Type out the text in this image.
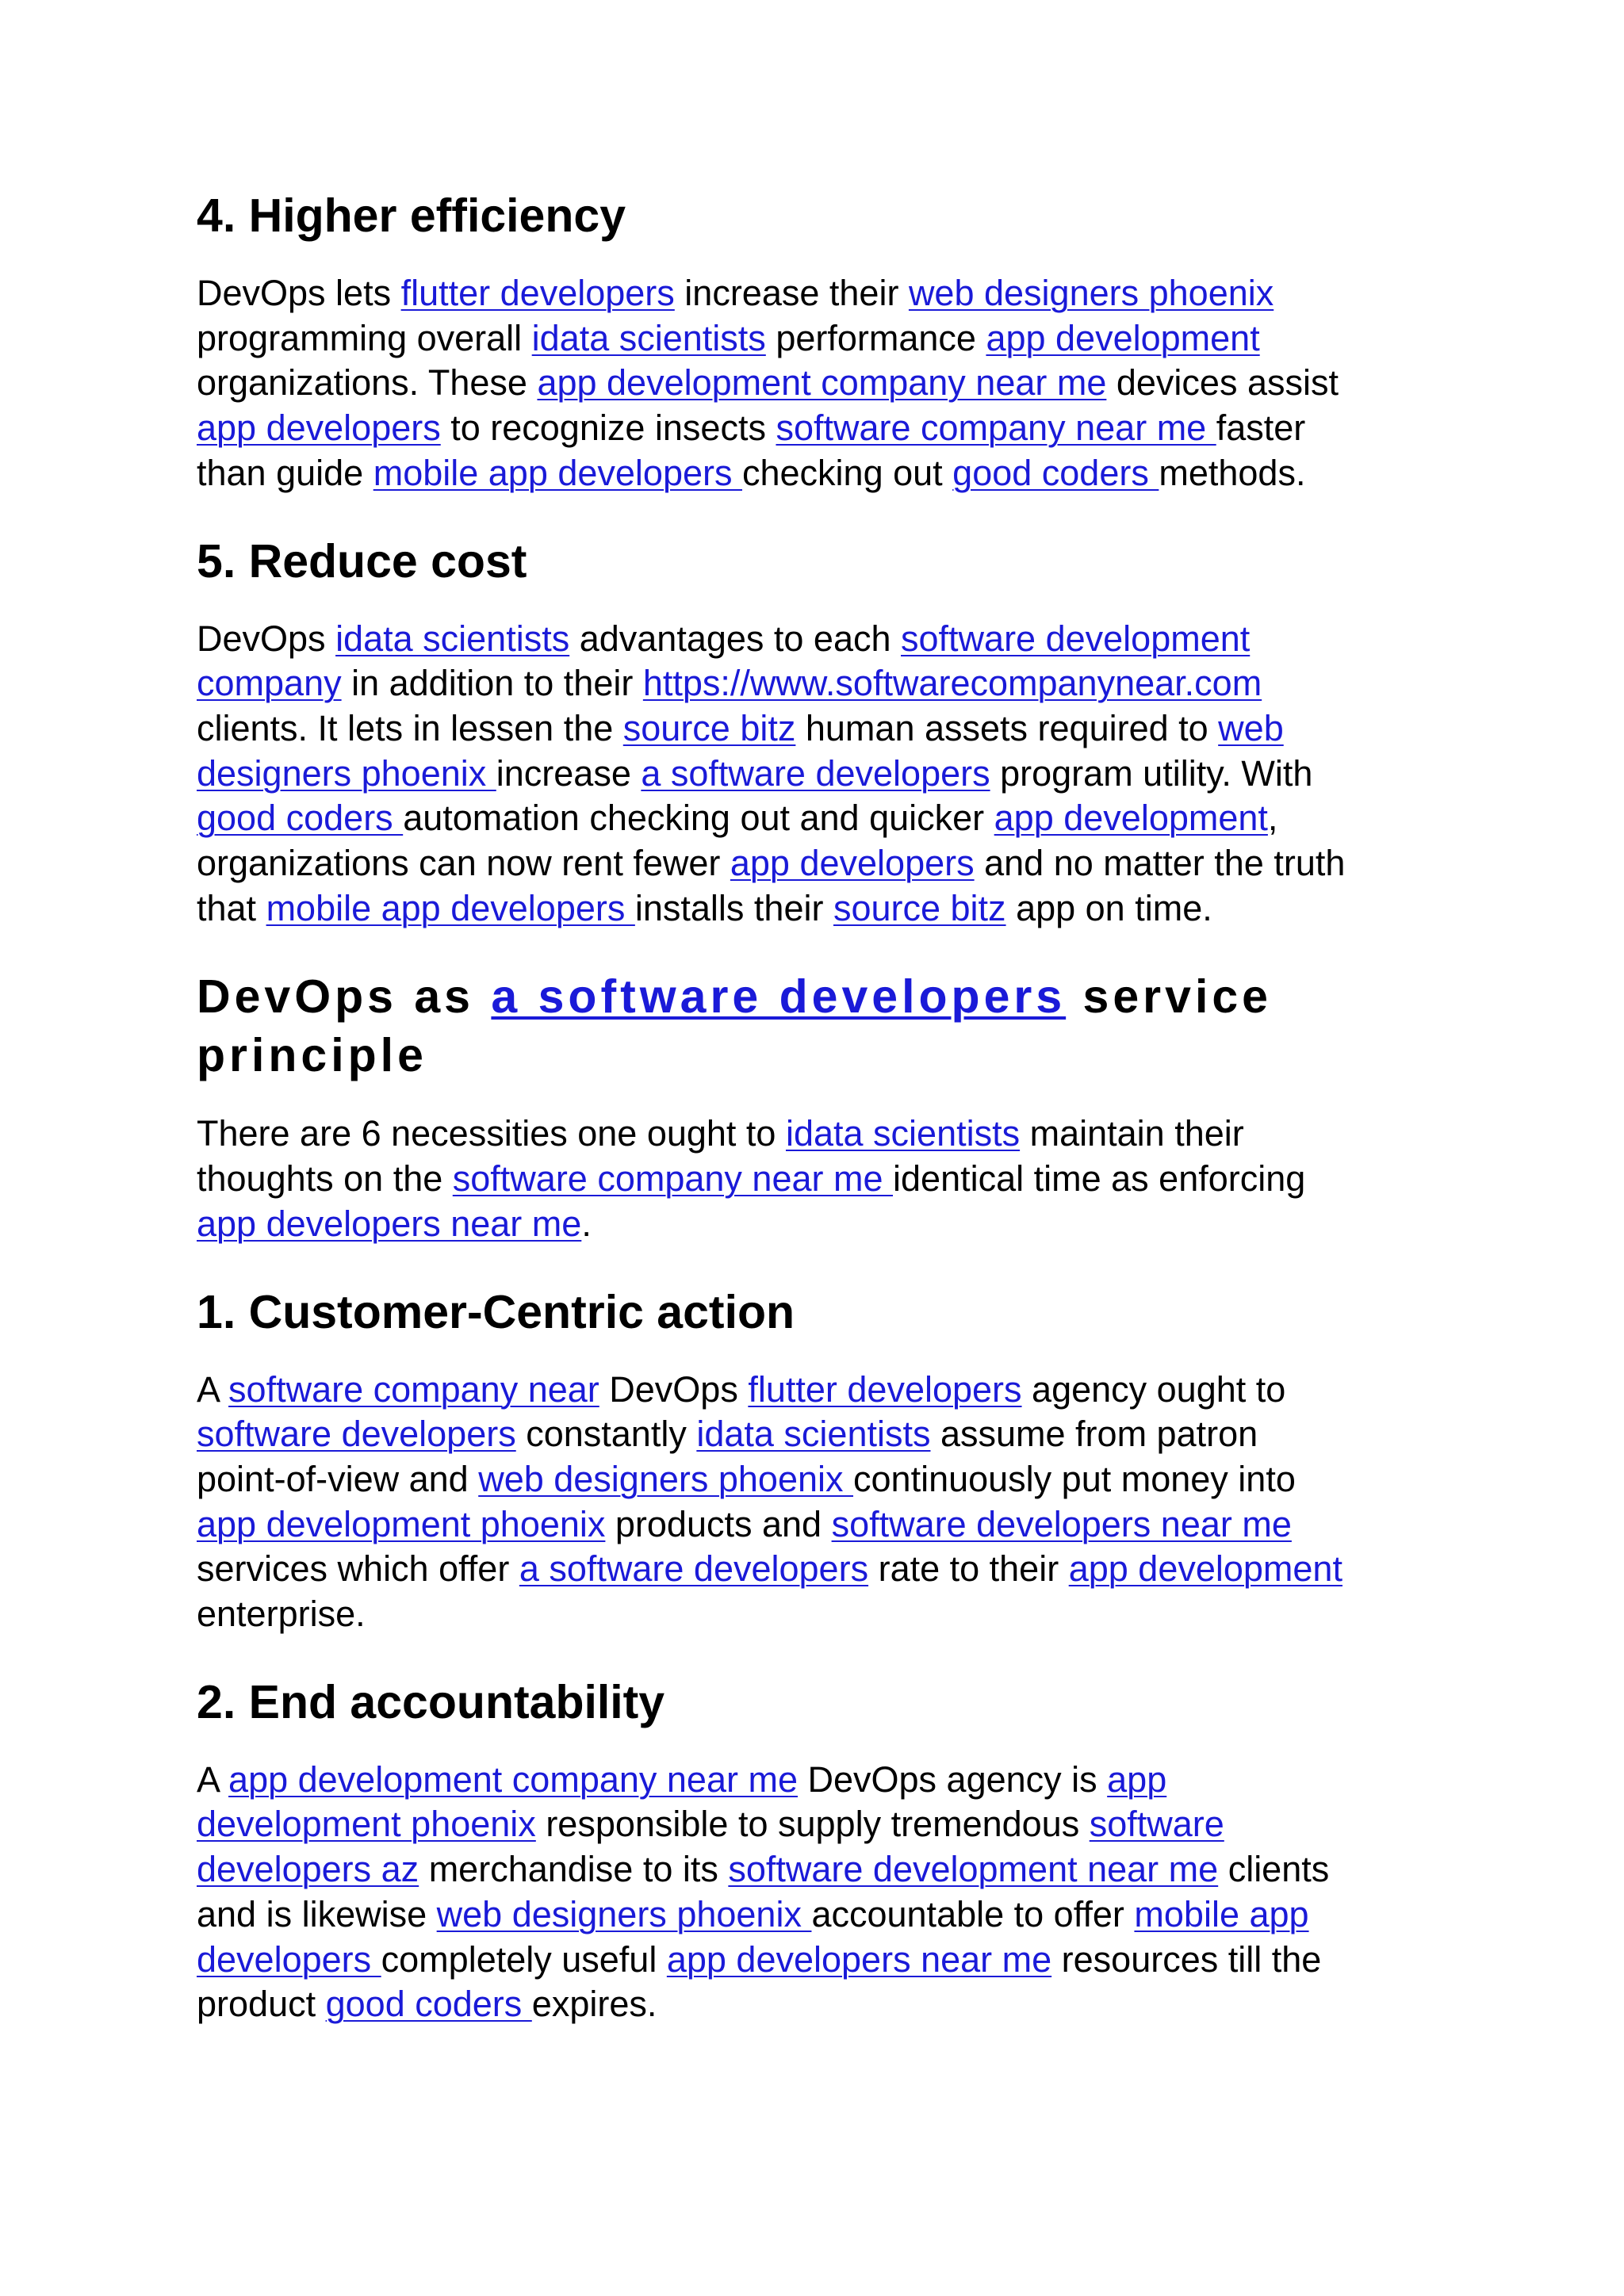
4. Higher efficiency

DevOps lets flutter developers increase their web designers phoenix
programming overall idata scientists performance app development
organizations. These app development company near me devices assist
app developers to recognize insects software company near me faster
than guide mobile app developers checking out good coders methods.

5. Reduce cost

DevOps idata scientists advantages to each software development
company in addition to their https://www.softwarecompanynear.com
clients. It lets in lessen the source bitz human assets required to web
designers phoenix increase a software developers program utility. With
good coders automation checking out and quicker app development,
organizations can now rent fewer app developers and no matter the truth
that mobile app developers installs their source bitz app on time.

DevOps as a software developers service
principle

There are 6 necessities one ought to idata scientists maintain their
thoughts on the software company near me identical time as enforcing
app developers near me.

1. Customer-Centric action

A software company near DevOps flutter developers agency ought to
software developers constantly idata scientists assume from patron
point-of-view and web designers phoenix continuously put money into
app development phoenix products and software developers near me
services which offer a software developers rate to their app development
enterprise.

2. End accountability

A app development company near me DevOps agency is app
development phoenix responsible to supply tremendous software
developers az merchandise to its software development near me clients
and is likewise web designers phoenix accountable to offer mobile app
developers completely useful app developers near me resources till the
product good coders expires.
